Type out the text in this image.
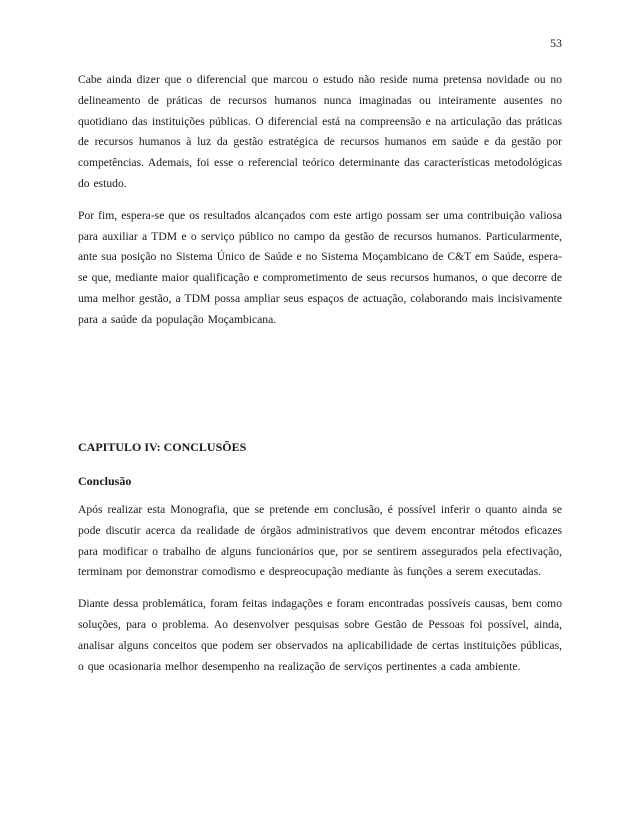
53

Cabe ainda dizer que o diferencial que marcou o estudo não reside numa pretensa novidade ou no delineamento de práticas de recursos humanos nunca imaginadas ou inteiramente ausentes no quotidiano das instituições públicas. O diferencial está na compreensão e na articulação das práticas de recursos humanos à luz da gestão estratégica de recursos humanos em saúde e da gestão por competências. Ademais, foi esse o referencial teórico determinante das características metodológicas do estudo.

Por fim, espera-se que os resultados alcançados com este artigo possam ser uma contribuição valiosa para auxiliar a TDM e o serviço público no campo da gestão de recursos humanos. Particularmente, ante sua posição no Sistema Único de Saúde e no Sistema Moçambicano de C&T em Saúde, espera-se que, mediante maior qualificação e comprometimento de seus recursos humanos, o que decorre de uma melhor gestão, a TDM possa ampliar seus espaços de actuação, colaborando mais incisivamente para a saúde da população Moçambicana.

CAPITULO IV: CONCLUSÕES
Conclusão

Após realizar esta Monografia, que se pretende em conclusão, é possível inferir o quanto ainda se pode discutir acerca da realidade de órgãos administrativos que devem encontrar métodos eficazes para modificar o trabalho de alguns funcionários que, por se sentirem assegurados pela efectivação, terminam por demonstrar comodismo e despreocupação mediante às funções a serem executadas.

Diante dessa problemática, foram feitas indagações e foram encontradas possíveis causas, bem como soluções, para o problema. Ao desenvolver pesquisas sobre Gestão de Pessoas foi possível, ainda, analisar alguns conceitos que podem ser observados na aplicabilidade de certas instituições públicas, o que ocasionaria melhor desempenho na realização de serviços pertinentes a cada ambiente.
